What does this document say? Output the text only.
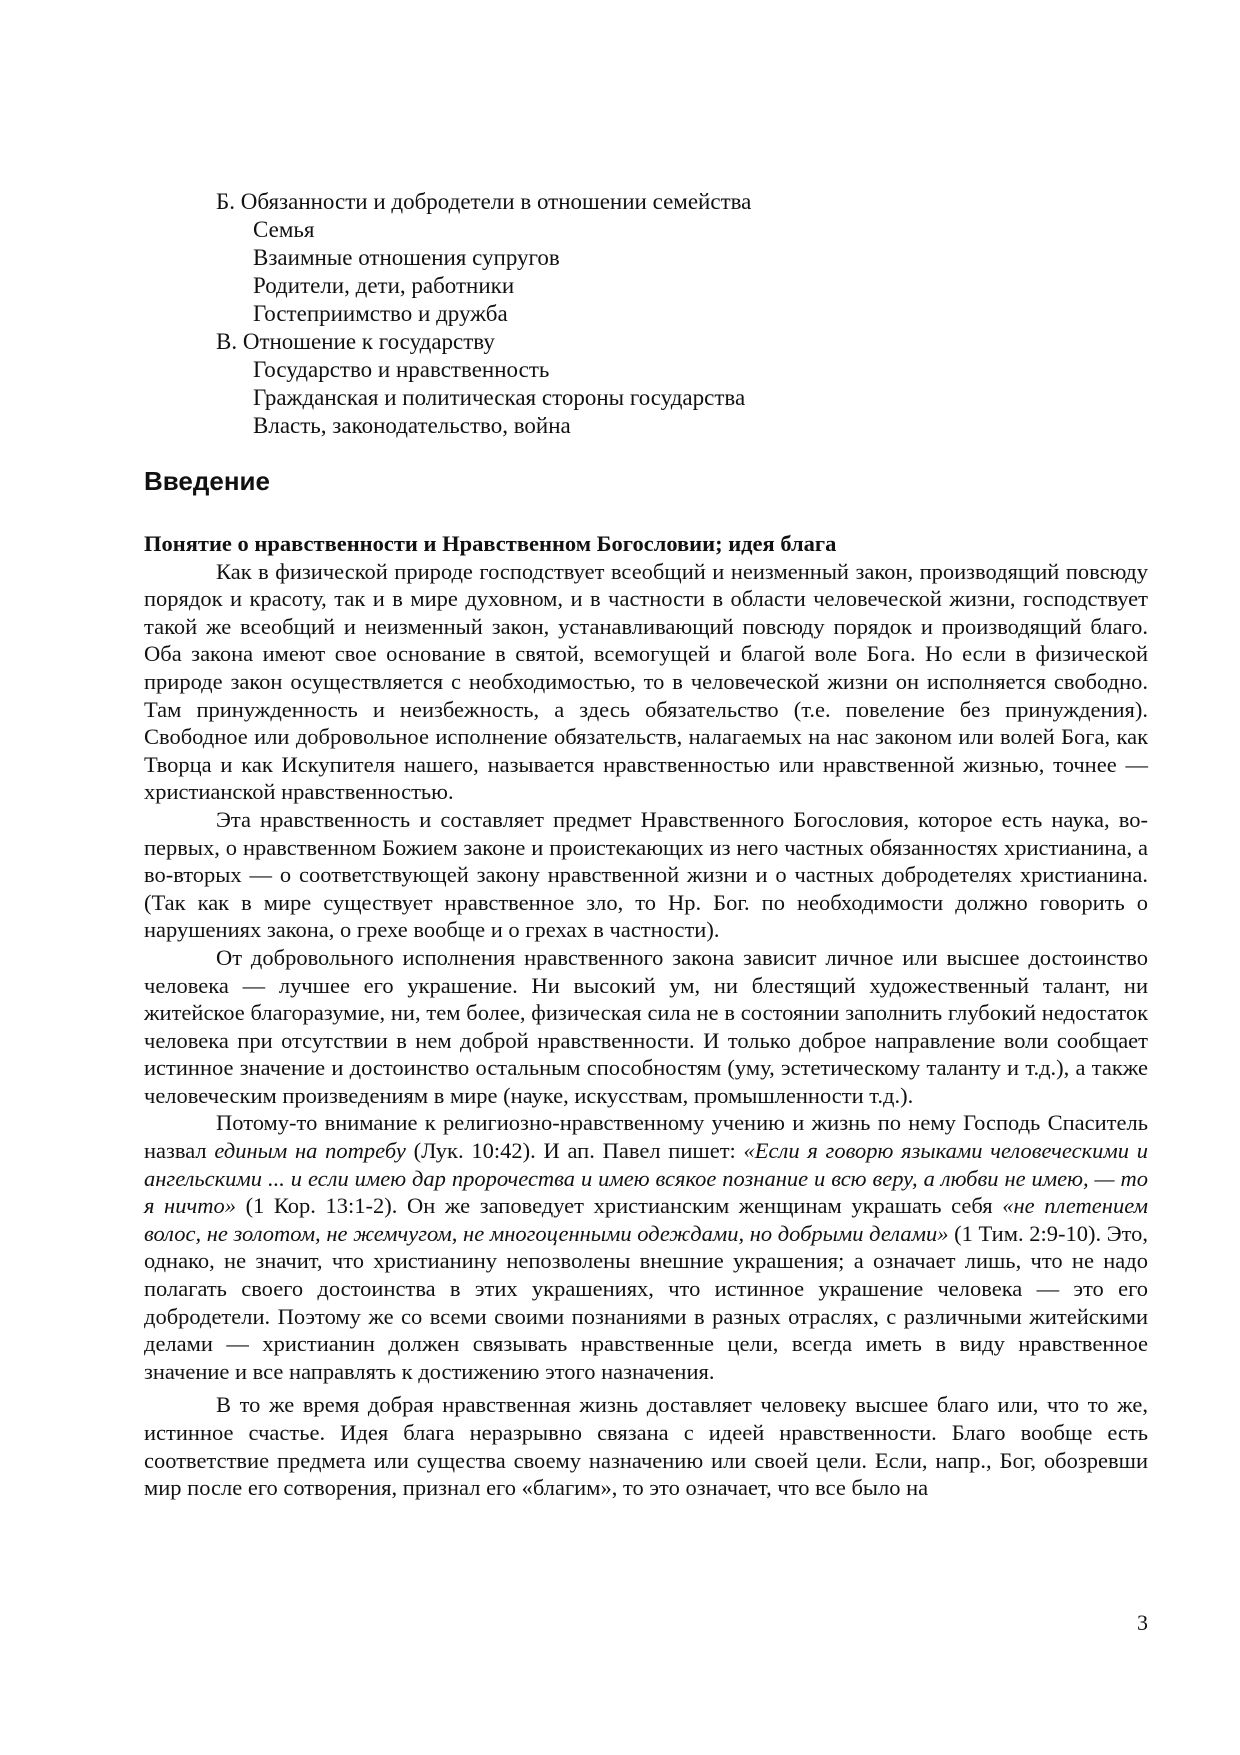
Б. Обязанности и добродетели в отношении семейства
Семья
Взаимные отношения супругов
Родители, дети, работники
Гостеприимство и дружба
В. Отношение к государству
Государство и нравственность
Гражданская и политическая стороны государства
Власть, законодательство, война
Введение
Понятие о нравственности и Нравственном Богословии; идея блага

Как в физической природе господствует всеобщий и неизменный закон, производящий повсюду порядок и красоту, так и в мире духовном, и в частности в области человеческой жизни, господствует такой же всеобщий и неизменный закон, устанавливающий повсюду порядок и производящий благо. Оба закона имеют свое основание в святой, всемогущей и благой воле Бога. Но если в физической природе закон осуществляется с необходимостью, то в человеческой жизни он исполняется свободно. Там принужденность и неизбежность, а здесь обязательство (т.е. повеление без принуждения). Свободное или добровольное исполнение обязательств, налагаемых на нас законом или волей Бога, как Творца и как Искупителя нашего, называется нравственностью или нравственной жизнью, точнее — христианской нравственностью.

Эта нравственность и составляет предмет Нравственного Богословия, которое есть наука, во-первых, о нравственном Божием законе и проистекающих из него частных обязанностях христианина, а во-вторых — о соответствующей закону нравственной жизни и о частных добродетелях христианина. (Так как в мире существует нравственное зло, то Нр. Бог. по необходимости должно говорить о нарушениях закона, о грехе вообще и о грехах в частности).

От добровольного исполнения нравственного закона зависит личное или высшее достоинство человека — лучшее его украшение. Ни высокий ум, ни блестящий художественный талант, ни житейское благоразумие, ни, тем более, физическая сила не в состоянии заполнить глубокий недостаток человека при отсутствии в нем доброй нравственности. И только доброе направление воли сообщает истинное значение и достоинство остальным способностям (уму, эстетическому таланту и т.д.), а также человеческим произведениям в мире (науке, искусствам, промышленности т.д.).

Потому-то внимание к религиозно-нравственному учению и жизнь по нему Господь Спаситель назвал единым на потребу (Лук. 10:42). И ап. Павел пишет: «Если я говорю языками человеческими и ангельскими ... и если имею дар пророчества и имею всякое познание и всю веру, а любви не имею, — то я ничто» (1 Кор. 13:1-2). Он же заповедует христианским женщинам украшать себя «не плетением волос, не золотом, не жемчугом, не многоценными одеждами, но добрыми делами» (1 Тим. 2:9-10). Это, однако, не значит, что христианину непозволены внешние украшения; а означает лишь, что не надо полагать своего достоинства в этих украшениях, что истинное украшение человека — это его добродетели. Поэтому же со всеми своими познаниями в разных отраслях, с различными житейскими делами — христианин должен связывать нравственные цели, всегда иметь в виду нравственное значение и все направлять к достижению этого назначения.

В то же время добрая нравственная жизнь доставляет человеку высшее благо или, что то же, истинное счастье. Идея блага неразрывно связана с идеей нравственности. Благо вообще есть соответствие предмета или существа своему назначению или своей цели. Если, напр., Бог, обозревши мир после его сотворения, признал его «благим», то это означает, что все было на

3
